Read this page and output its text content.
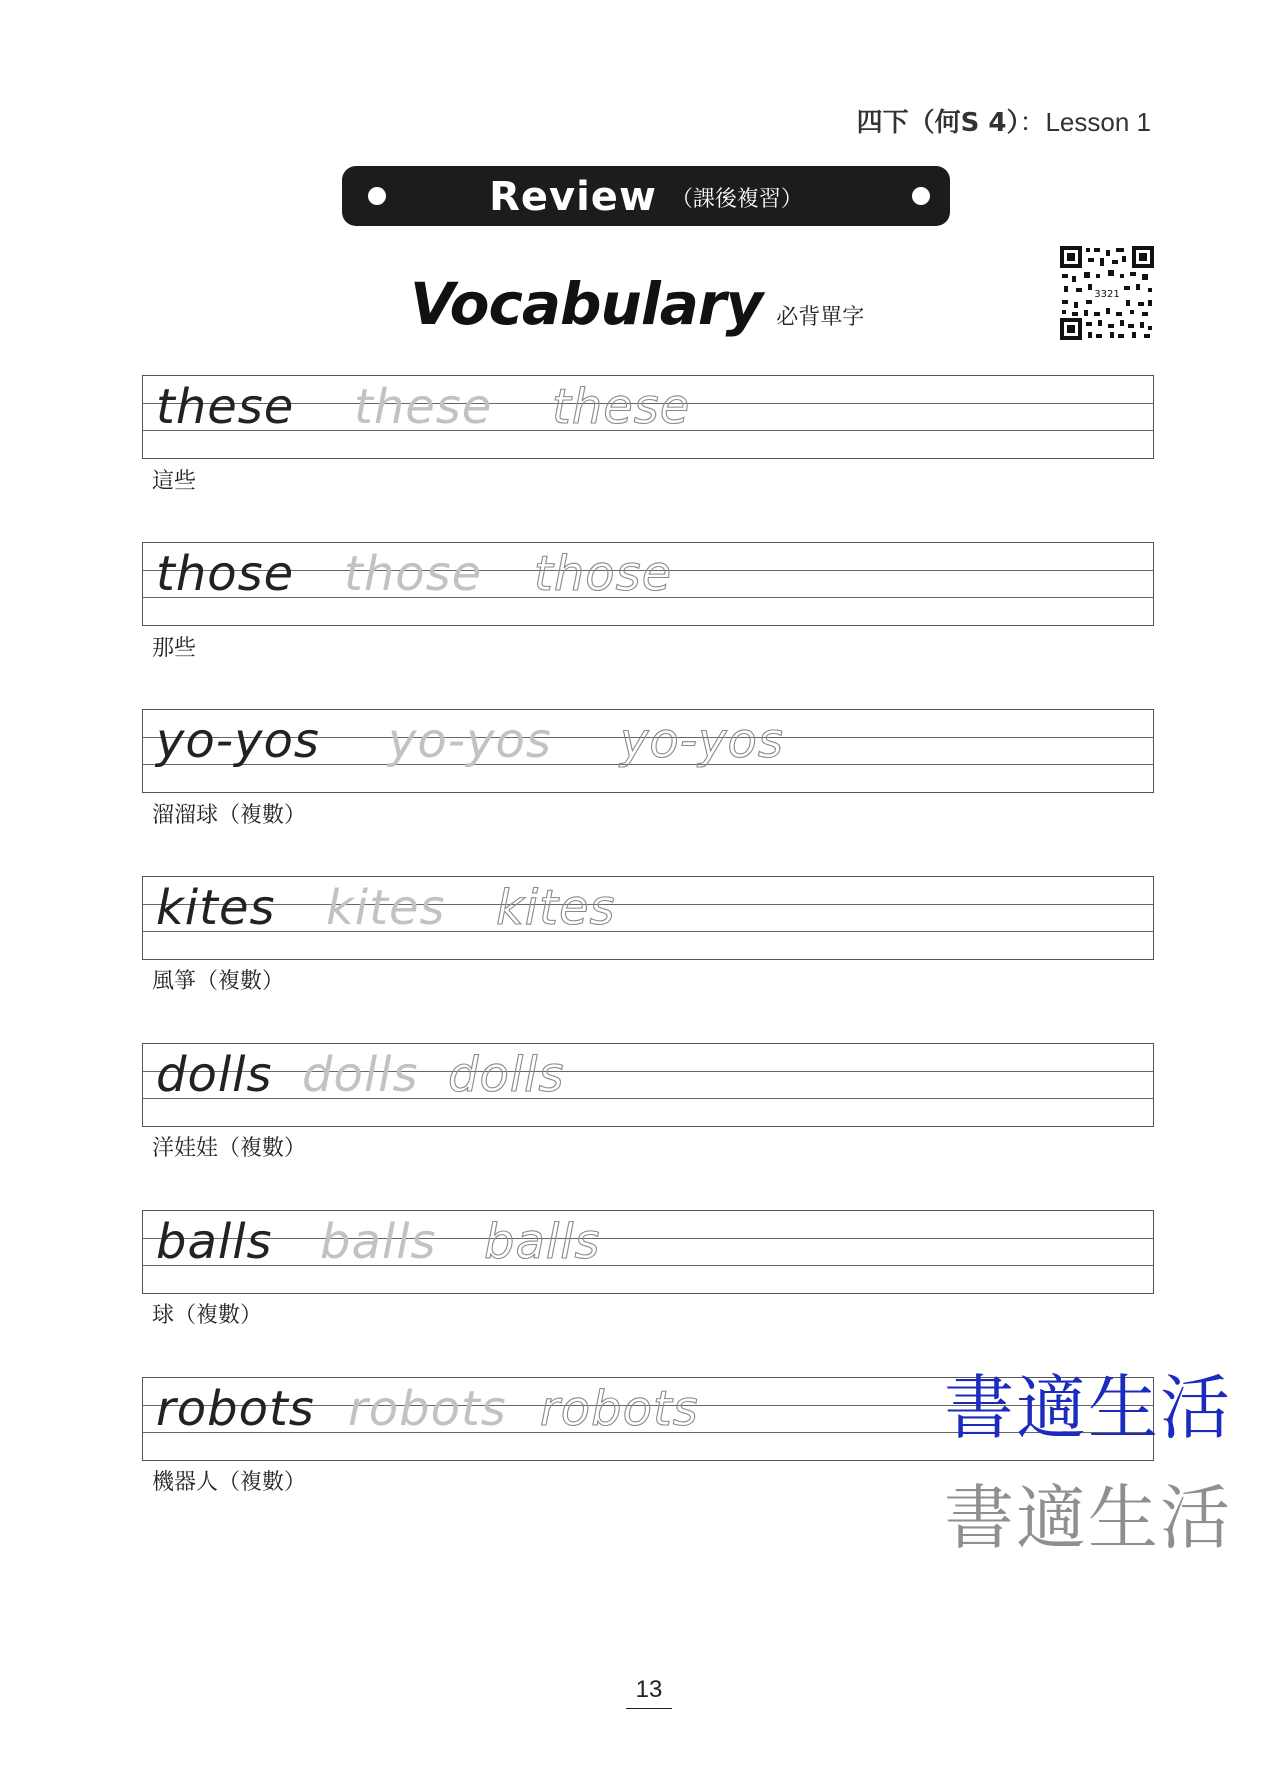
四下（何S 4）：Lesson 1
Review （課後複習）
Vocabulary 必背單字
3321
these these these
這些
those those those
那些
yo-yos yo-yos yo-yos
溜溜球（複數）
kites kites kites
風箏（複數）
dolls dolls dolls
洋娃娃（複數）
balls balls balls
球（複數）
robots robots robots
機器人（複數）
書適生活
書適生活
13
